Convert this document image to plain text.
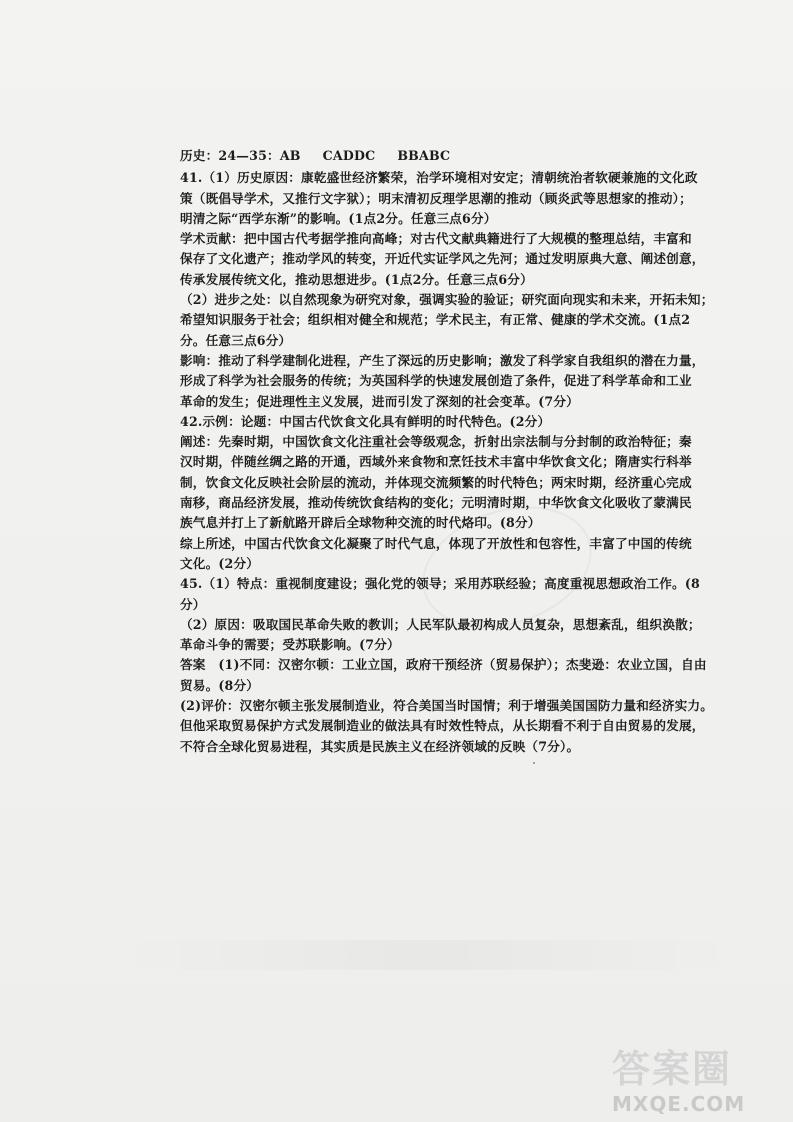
历史：24—35：AB CADDC BBABC
41.（1）历史原因：康乾盛世经济繁荣，治学环境相对安定；清朝统治者软硬兼施的文化政
策（既倡导学术，又推行文字狱）；明末清初反理学思潮的推动（顾炎武等思想家的推动）；
明清之际“西学东渐”的影响。(1点2分。任意三点6分）
学术贡献：把中国古代考据学推向高峰；对古代文献典籍进行了大规模的整理总结，丰富和
保存了文化遗产；推动学风的转变，开近代实证学风之先河；通过发明原典大意、阐述创意，
传承发展传统文化，推动思想进步。(1点2分。任意三点6分）
（2）进步之处：以自然现象为研究对象，强调实验的验证；研究面向现实和未来，开拓未知；
希望知识服务于社会；组织相对健全和规范；学术民主，有正常、健康的学术交流。(1点2
分。任意三点6分）
影响：推动了科学建制化进程，产生了深远的历史影响；激发了科学家自我组织的潜在力量，
形成了科学为社会服务的传统；为英国科学的快速发展创造了条件，促进了科学革命和工业
革命的发生；促进理性主义发展，进而引发了深刻的社会变革。(7分）
42.示例：论题：中国古代饮食文化具有鲜明的时代特色。(2分）
阐述：先秦时期，中国饮食文化注重社会等级观念，折射出宗法制与分封制的政治特征；秦
汉时期，伴随丝绸之路的开通，西域外来食物和烹饪技术丰富中华饮食文化；隋唐实行科举
制，饮食文化反映社会阶层的流动，并体现交流频繁的时代特色；两宋时期，经济重心完成
南移，商品经济发展，推动传统饮食结构的变化；元明清时期，中华饮食文化吸收了蒙满民
族气息并打上了新航路开辟后全球物种交流的时代烙印。(8分）
综上所述，中国古代饮食文化凝聚了时代气息，体现了开放性和包容性，丰富了中国的传统
文化。(2分）
45.（1）特点：重视制度建设；强化党的领导；采用苏联经验；高度重视思想政治工作。(8
分）
（2）原因：吸取国民革命失败的教训；人民军队最初构成人员复杂，思想紊乱，组织涣散；
革命斗争的需要；受苏联影响。(7分）
答案　(1)不同：汉密尔顿：工业立国，政府干预经济（贸易保护）；杰斐逊：农业立国，自由
贸易。(8分）
(2)评价：汉密尔顿主张发展制造业，符合美国当时国情；利于增强美国国防力量和经济实力。
但他采取贸易保护方式发展制造业的做法具有时效性特点，从长期看不利于自由贸易的发展，
不符合全球化贸易进程，其实质是民族主义在经济领域的反映（7分）。
答案圈
MXQE.COM
